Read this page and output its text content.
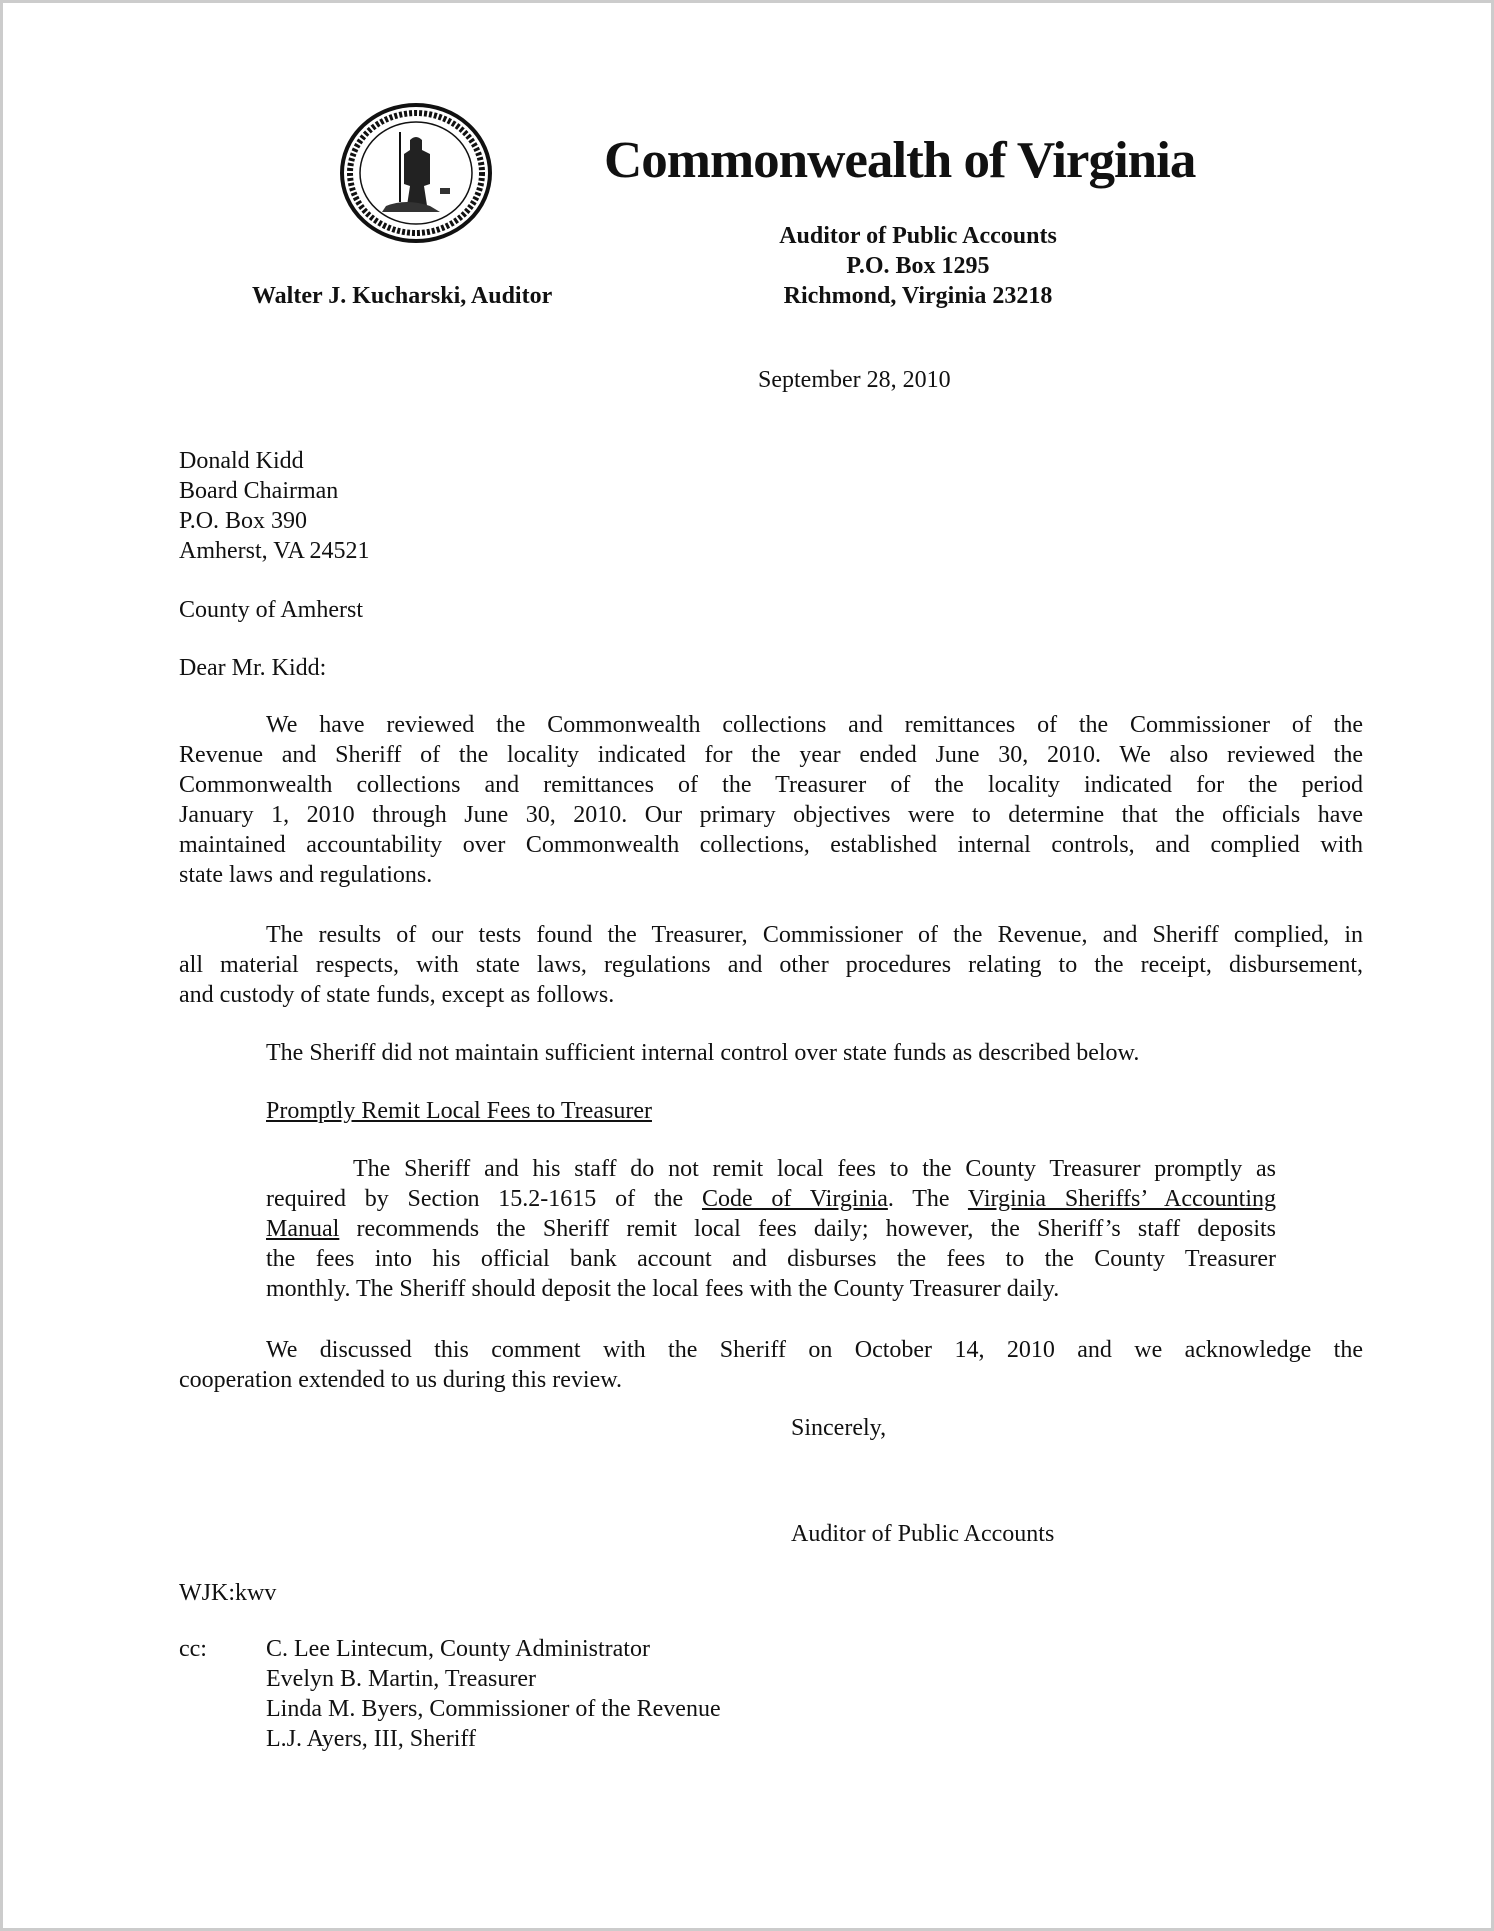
Commonwealth of Virginia
Auditor of Public Accounts
P.O. Box 1295
Richmond, Virginia 23218
Walter J. Kucharski, Auditor
September 28, 2010
Donald Kidd
Board Chairman
P.O. Box 390
Amherst, VA 24521
County of Amherst
Dear Mr. Kidd:
We have reviewed the Commonwealth collections and remittances of the Commissioner of the
Revenue and Sheriff of the locality indicated for the year ended June 30, 2010. We also reviewed the
Commonwealth collections and remittances of the Treasurer of the locality indicated for the period
January 1, 2010 through June 30, 2010. Our primary objectives were to determine that the officials have
maintained accountability over Commonwealth collections, established internal controls, and complied with
state laws and regulations.
The results of our tests found the Treasurer, Commissioner of the Revenue, and Sheriff complied, in
all material respects, with state laws, regulations and other procedures relating to the receipt, disbursement,
and custody of state funds, except as follows.
The Sheriff did not maintain sufficient internal control over state funds as described below.
Promptly Remit Local Fees to Treasurer
The Sheriff and his staff do not remit local fees to the County Treasurer promptly as
required by Section 15.2-1615 of the Code of Virginia. The Virginia Sheriffs’ Accounting
Manual recommends the Sheriff remit local fees daily; however, the Sheriff’s staff deposits
the fees into his official bank account and disburses the fees to the County Treasurer
monthly. The Sheriff should deposit the local fees with the County Treasurer daily.
We discussed this comment with the Sheriff on October 14, 2010 and we acknowledge the
cooperation extended to us during this review.
Sincerely,
Auditor of Public Accounts
WJK:kwv
cc: C. Lee Lintecum, County Administrator
Evelyn B. Martin, Treasurer
Linda M. Byers, Commissioner of the Revenue
L.J. Ayers, III, Sheriff
